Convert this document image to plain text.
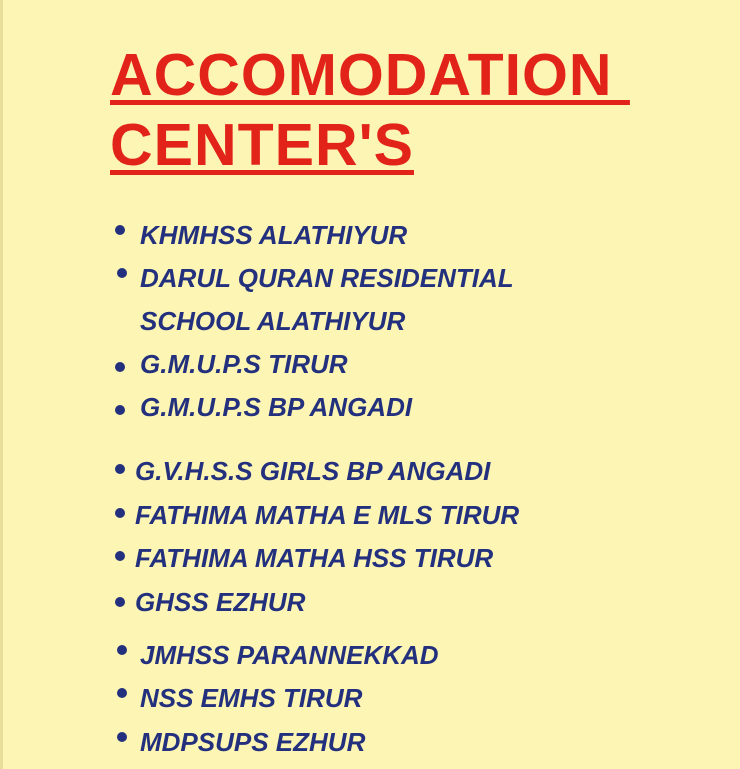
ACCOMODATION
CENTER'S
KHMHSS ALATHIYUR
DARUL QURAN RESIDENTIAL
SCHOOL ALATHIYUR
G.M.U.P.S TIRUR
G.M.U.P.S BP ANGADI
G.V.H.S.S GIRLS BP ANGADI
FATHIMA MATHA E MLS TIRUR
FATHIMA MATHA HSS TIRUR
GHSS EZHUR
JMHSS PARANNEKKAD
NSS EMHS TIRUR
MDPSUPS EZHUR
